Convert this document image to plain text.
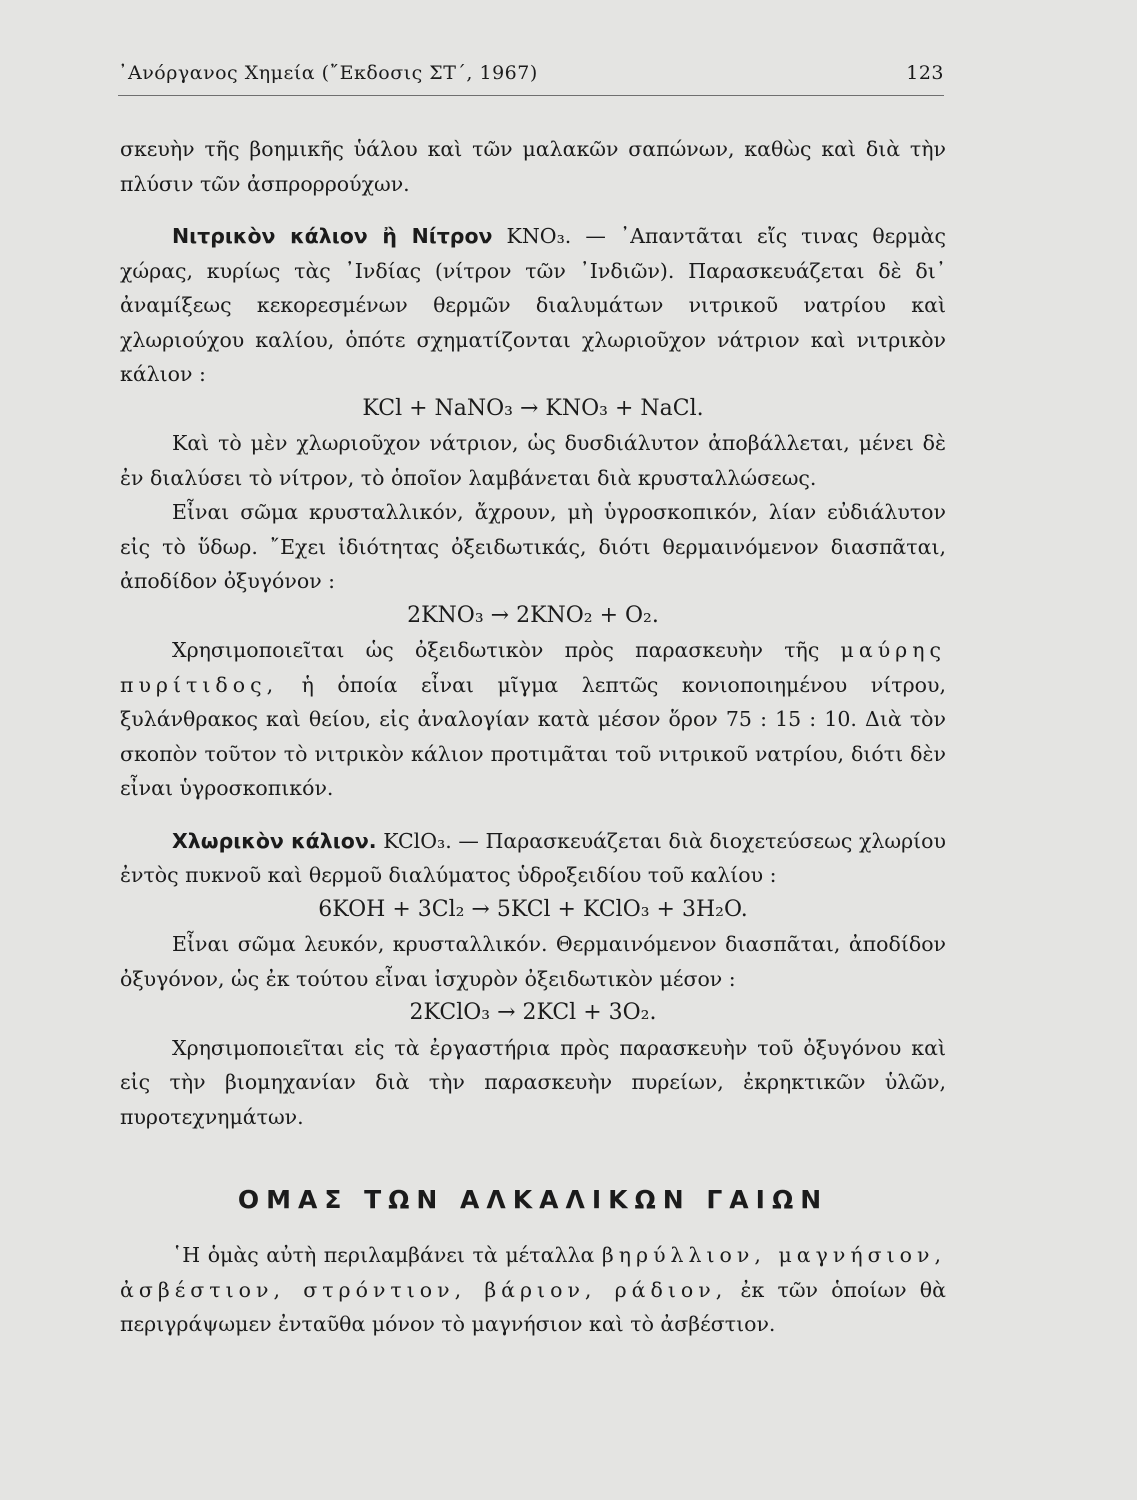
᾿Ανόργανος Χημεία (῎Εκδοσις ΣΤ΄, 1967)	123

σκευὴν τῆς βοημικῆς ὑάλου καὶ τῶν μαλακῶν σαπώνων, καθὼς καὶ διὰ τὴν πλύσιν τῶν ἀσπρορρούχων.

Νιτρικὸν κάλιον ἢ Νίτρον KNO₃. — ᾿Απαντᾶται εἴς τινας θερμὰς χώρας, κυρίως τὰς ᾿Ινδίας (νίτρον τῶν ᾿Ινδιῶν). Παρασκευάζεται δὲ δι᾿ ἀναμίξεως κεκορεσμένων θερμῶν διαλυμάτων νιτρικοῦ νατρίου καὶ χλωριούχου καλίου, ὁπότε σχηματίζονται χλωριοῦχον νάτριον καὶ νιτρικὸν κάλιον :

KCl + NaNO₃ → KNO₃ + NaCl.

Καὶ τὸ μὲν χλωριοῦχον νάτριον, ὡς δυσδιάλυτον ἀποβάλλεται, μένει δὲ ἐν διαλύσει τὸ νίτρον, τὸ ὁποῖον λαμβάνεται διὰ κρυσταλλώσεως.

Εἶναι σῶμα κρυσταλλικόν, ἄχρουν, μὴ ὑγροσκοπικόν, λίαν εὐδιάλυτον εἰς τὸ ὕδωρ. ῎Εχει ἰδιότητας ὀξειδωτικάς, διότι θερμαινόμενον διασπᾶται, ἀποδίδον ὀξυγόνον :

2KNO₃ → 2KNO₂ + O₂.

Χρησιμοποιεῖται ὡς ὀξειδωτικὸν πρὸς παρασκευὴν τῆς μαύρης πυρίτιδος, ἡ ὁποία εἶναι μῖγμα λεπτῶς κονιοποιημένου νίτρου, ξυλάνθρακος καὶ θείου, εἰς ἀναλογίαν κατὰ μέσον ὅρον 75 : 15 : 10. Διὰ τὸν σκοπὸν τοῦτον τὸ νιτρικὸν κάλιον προτιμᾶται τοῦ νιτρικοῦ νατρίου, διότι δὲν εἶναι ὑγροσκοπικόν.

Χλωρικὸν κάλιον. KClO₃. — Παρασκευάζεται διὰ διοχετεύσεως χλωρίου ἐντὸς πυκνοῦ καὶ θερμοῦ διαλύματος ὑδροξειδίου τοῦ καλίου :

6KOH + 3Cl₂ → 5KCl + KClO₃ + 3H₂O.

Εἶναι σῶμα λευκόν, κρυσταλλικόν. Θερμαινόμενον διασπᾶται, ἀποδίδον ὀξυγόνον, ὡς ἐκ τούτου εἶναι ἰσχυρὸν ὀξειδωτικὸν μέσον :

2KClO₃ → 2KCl + 3O₂.

Χρησιμοποιεῖται εἰς τὰ ἐργαστήρια πρὸς παρασκευὴν τοῦ ὀξυγόνου καὶ εἰς τὴν βιομηχανίαν διὰ τὴν παρασκευὴν πυρείων, ἐκρηκτικῶν ὑλῶν, πυροτεχνημάτων.

ΟΜΑΣ ΤΩΝ ΑΛΚΑΛΙΚΩΝ ΓΑΙΩΝ

῾Η ὁμὰς αὐτὴ περιλαμβάνει τὰ μέταλλα βηρύλλιον, μαγνήσιον, ἀσβέστιον, στρόντιον, βάριον, ράδιον, ἐκ τῶν ὁποίων θὰ περιγράψωμεν ἐνταῦθα μόνον τὸ μαγνήσιον καὶ τὸ ἀσβέστιον.
